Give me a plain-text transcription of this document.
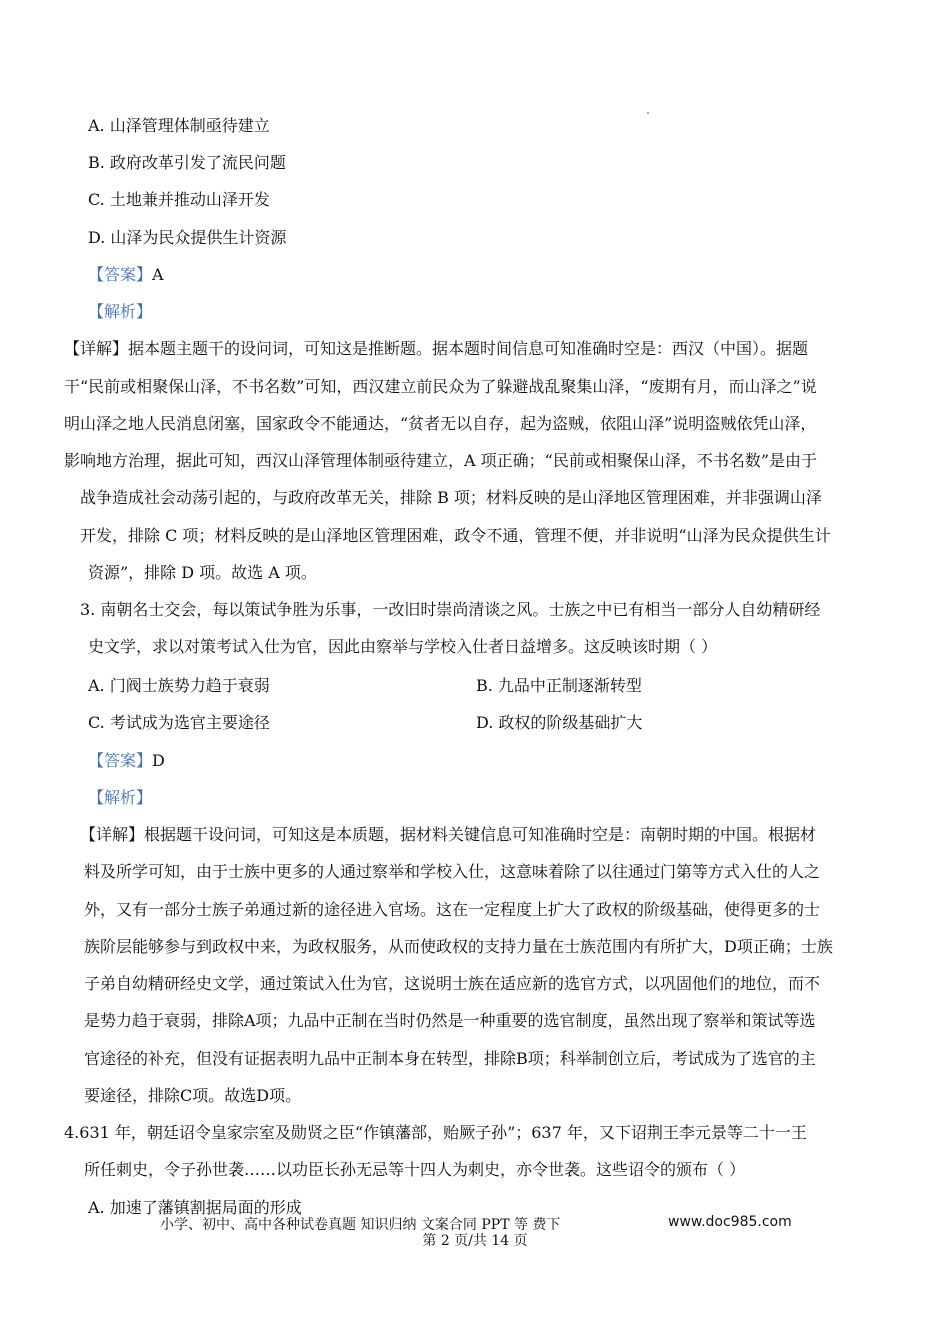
A. 山泽管理体制亟待建立
B. 政府改革引发了流民问题
C. 土地兼并推动山泽开发
D. 山泽为民众提供生计资源
【答案】A
【解析】
【详解】据本题主题干的设问词，可知这是推断题。据本题时间信息可知准确时空是：西汉（中国）。据题
干“民前或相聚保山泽，不书名数”可知，西汉建立前民众为了躲避战乱聚集山泽，“废期有月，而山泽之”说
明山泽之地人民消息闭塞，国家政令不能通达，“贫者无以自存，起为盗贼，依阻山泽”说明盗贼依凭山泽，
影响地方治理，据此可知，西汉山泽管理体制亟待建立，A 项正确；“民前或相聚保山泽，不书名数”是由于
战争造成社会动荡引起的，与政府改革无关，排除 B 项；材料反映的是山泽地区管理困难，并非强调山泽
开发，排除 C 项；材料反映的是山泽地区管理困难，政令不通，管理不便，并非说明“山泽为民众提供生计
资源”，排除 D 项。故选 A 项。
3. 南朝名士交会，每以策试争胜为乐事，一改旧时崇尚清谈之风。士族之中已有相当一部分人自幼精研经
史文学，求以对策考试入仕为官，因此由察举与学校入仕者日益增多。这反映该时期（ ）
A. 门阀士族势力趋于衰弱	B. 九品中正制逐渐转型
C. 考试成为选官主要途径	D. 政权的阶级基础扩大
【答案】D
【解析】
【详解】根据题干设问词，可知这是本质题，据材料关键信息可知准确时空是：南朝时期的中国。根据材
料及所学可知，由于士族中更多的人通过察举和学校入仕，这意味着除了以往通过门第等方式入仕的人之
外，又有一部分士族子弟通过新的途径进入官场。这在一定程度上扩大了政权的阶级基础，使得更多的士
族阶层能够参与到政权中来，为政权服务，从而使政权的支持力量在士族范围内有所扩大，D项正确；士族
子弟自幼精研经史文学，通过策试入仕为官，这说明士族在适应新的选官方式，以巩固他们的地位，而不
是势力趋于衰弱，排除A项；九品中正制在当时仍然是一种重要的选官制度，虽然出现了察举和策试等选
官途径的补充，但没有证据表明九品中正制本身在转型，排除B项；科举制创立后，考试成为了选官的主
要途径，排除C项。故选D项。
4.631 年，朝廷诏令皇家宗室及勋贤之臣“作镇藩部，贻厥子孙”；637 年，又下诏荆王李元景等二十一王
所任刺史，令子孙世袭……以功臣长孙无忌等十四人为刺史，亦令世袭。这些诏令的颁布（ ）
A. 加速了藩镇割据局面的形成
小学、初中、高中各种试卷真题 知识归纳 文案合同 PPT 等 费下	www.doc985.com
第 2 页/共 14 页
